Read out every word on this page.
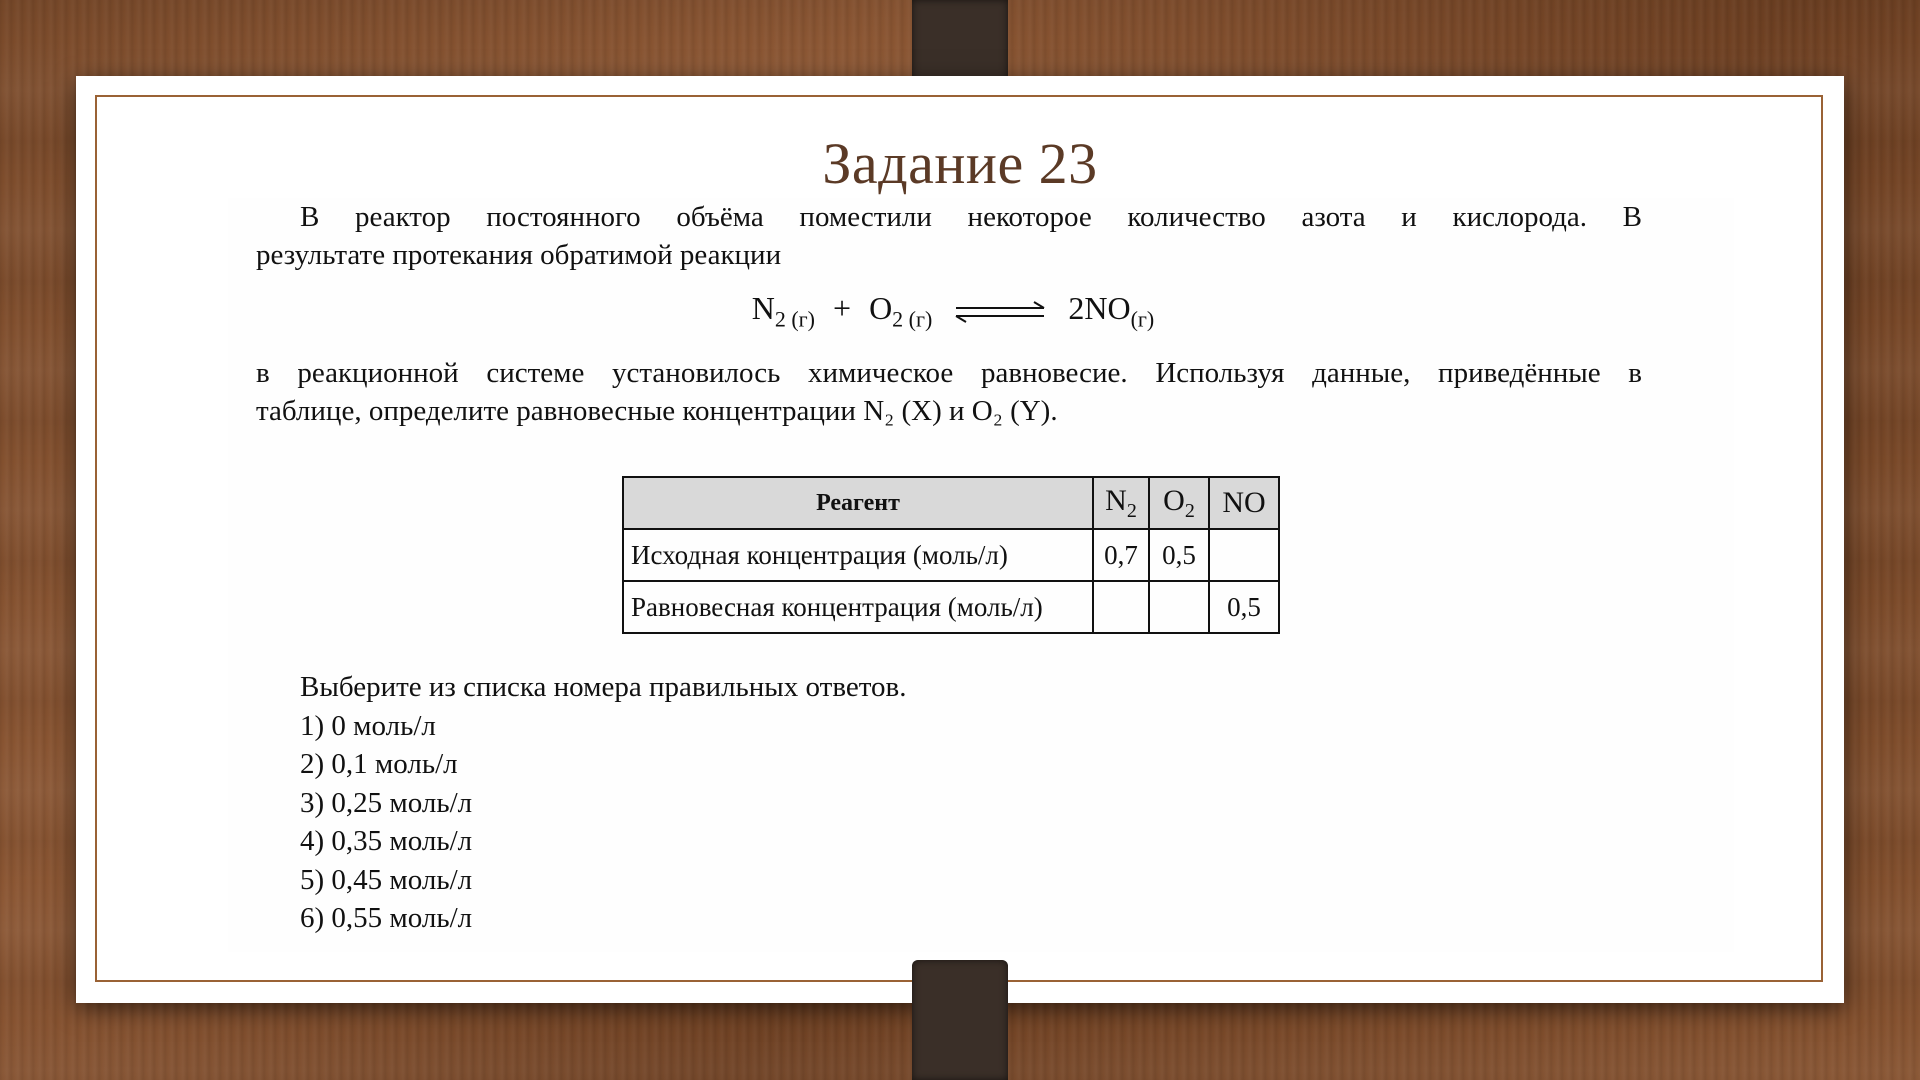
Задание 23
В реактор постоянного объёма поместили некоторое количество азота и кислорода. В
результате протекания обратимой реакции
$N_{2 (г)} + O_{2 (г)}$ ⇌ $2NO_{(г)}$
в реакционной системе установилось химическое равновесие. Используя данные, приведённые в
таблице, определите равновесные концентрации N₂ (X) и O₂ (Y).
Реагент	$N_2$	$O_2$	NO
Исходная концентрация (моль/л)	0,7	0,5	
Равновесная концентрация (моль/л)			0,5
Выберите из списка номера правильных ответов.
1) 0 моль/л
2) 0,1 моль/л
3) 0,25 моль/л
4) 0,35 моль/л
5) 0,45 моль/л
6) 0,55 моль/л
